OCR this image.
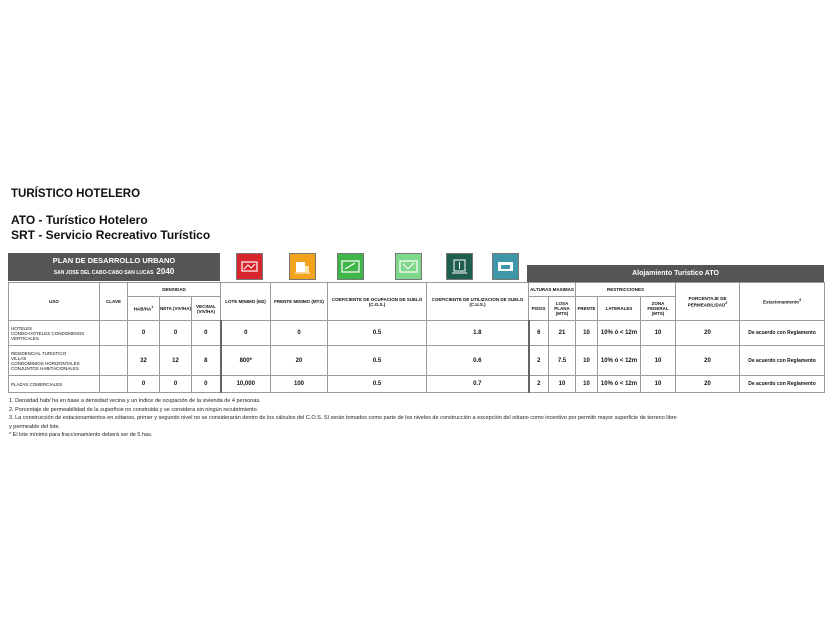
TURÍSTICO HOTELERO
ATO - Turístico Hotelero
SRT - Servicio Recreativo Turístico
PLAN DE DESARROLLO URBANO
SAN JOSE DEL CABO-CABO SAN LUCAS 2040	Alojamiento Turistico ATO
USO	CLAVE	DENSIDAD			LOTE MINIMO (M2)	FRENTE MINIMO (MTS)	COEFICIENTE DE OCUPACION DE SUELO (C.O.S.)	COEFICIENTE DE UTILIZACION DE SUELO (C.U.S.)	ALTURAS MAXIMAS		RESTRICCIONES			PORCENTAJE DE PERMEABILIDAD$^2$	Estacionamiento$^3$
		HAB/$HA^1$	NETA (VIV/HA)	VECINAL (VIV/HA)					PISOS	LOSA PLANA (MTS)	FRENTE	LATERALES	ZONA FEDERAL (MTS)		
HOTELES
CONDO-HOTELES CONDOMINIOS VERTICALES		0	0	0	0	0	0.5	1.8	6	21	10	10% ó < 12m	10	20	De acuerdo con Reglamento
RESIDENCIAL TURISTICO
VILLAS
CONDOMINIOS HORIZONTALES
CONJUNTOS HABITACIONALES		32	12	8	800*	20	0.5	0.6	2	7.5	10	10% ó < 12m	10	20	De acuerdo con Reglamento
PLAZAS COMERCIALES		0	0	0	10,000	100	0.5	0.7	2	10	10	10% ó < 12m	10	20	De acuerdo con Reglamento
1. Densidad hab/ ha en base a densidad vecina y un índice de ocupación de la vivienda de 4 personas.
2. Porcentaje de permeabilidad de la superficie no construida y se considera sin ningún recubrimiento.
3. La construcción de estacionamientos en sótanos, primer y segundo nivel no se considerarán dentro de los cálculos del C.O.S. Sí serán tomados como parte de los niveles de construcción a excepción del sótano como incentivo por permitir mayor superficie de terreno libre
y permeable del lote.
* El lote mínimo para fraccionamiento deberá ser de 5 has.
